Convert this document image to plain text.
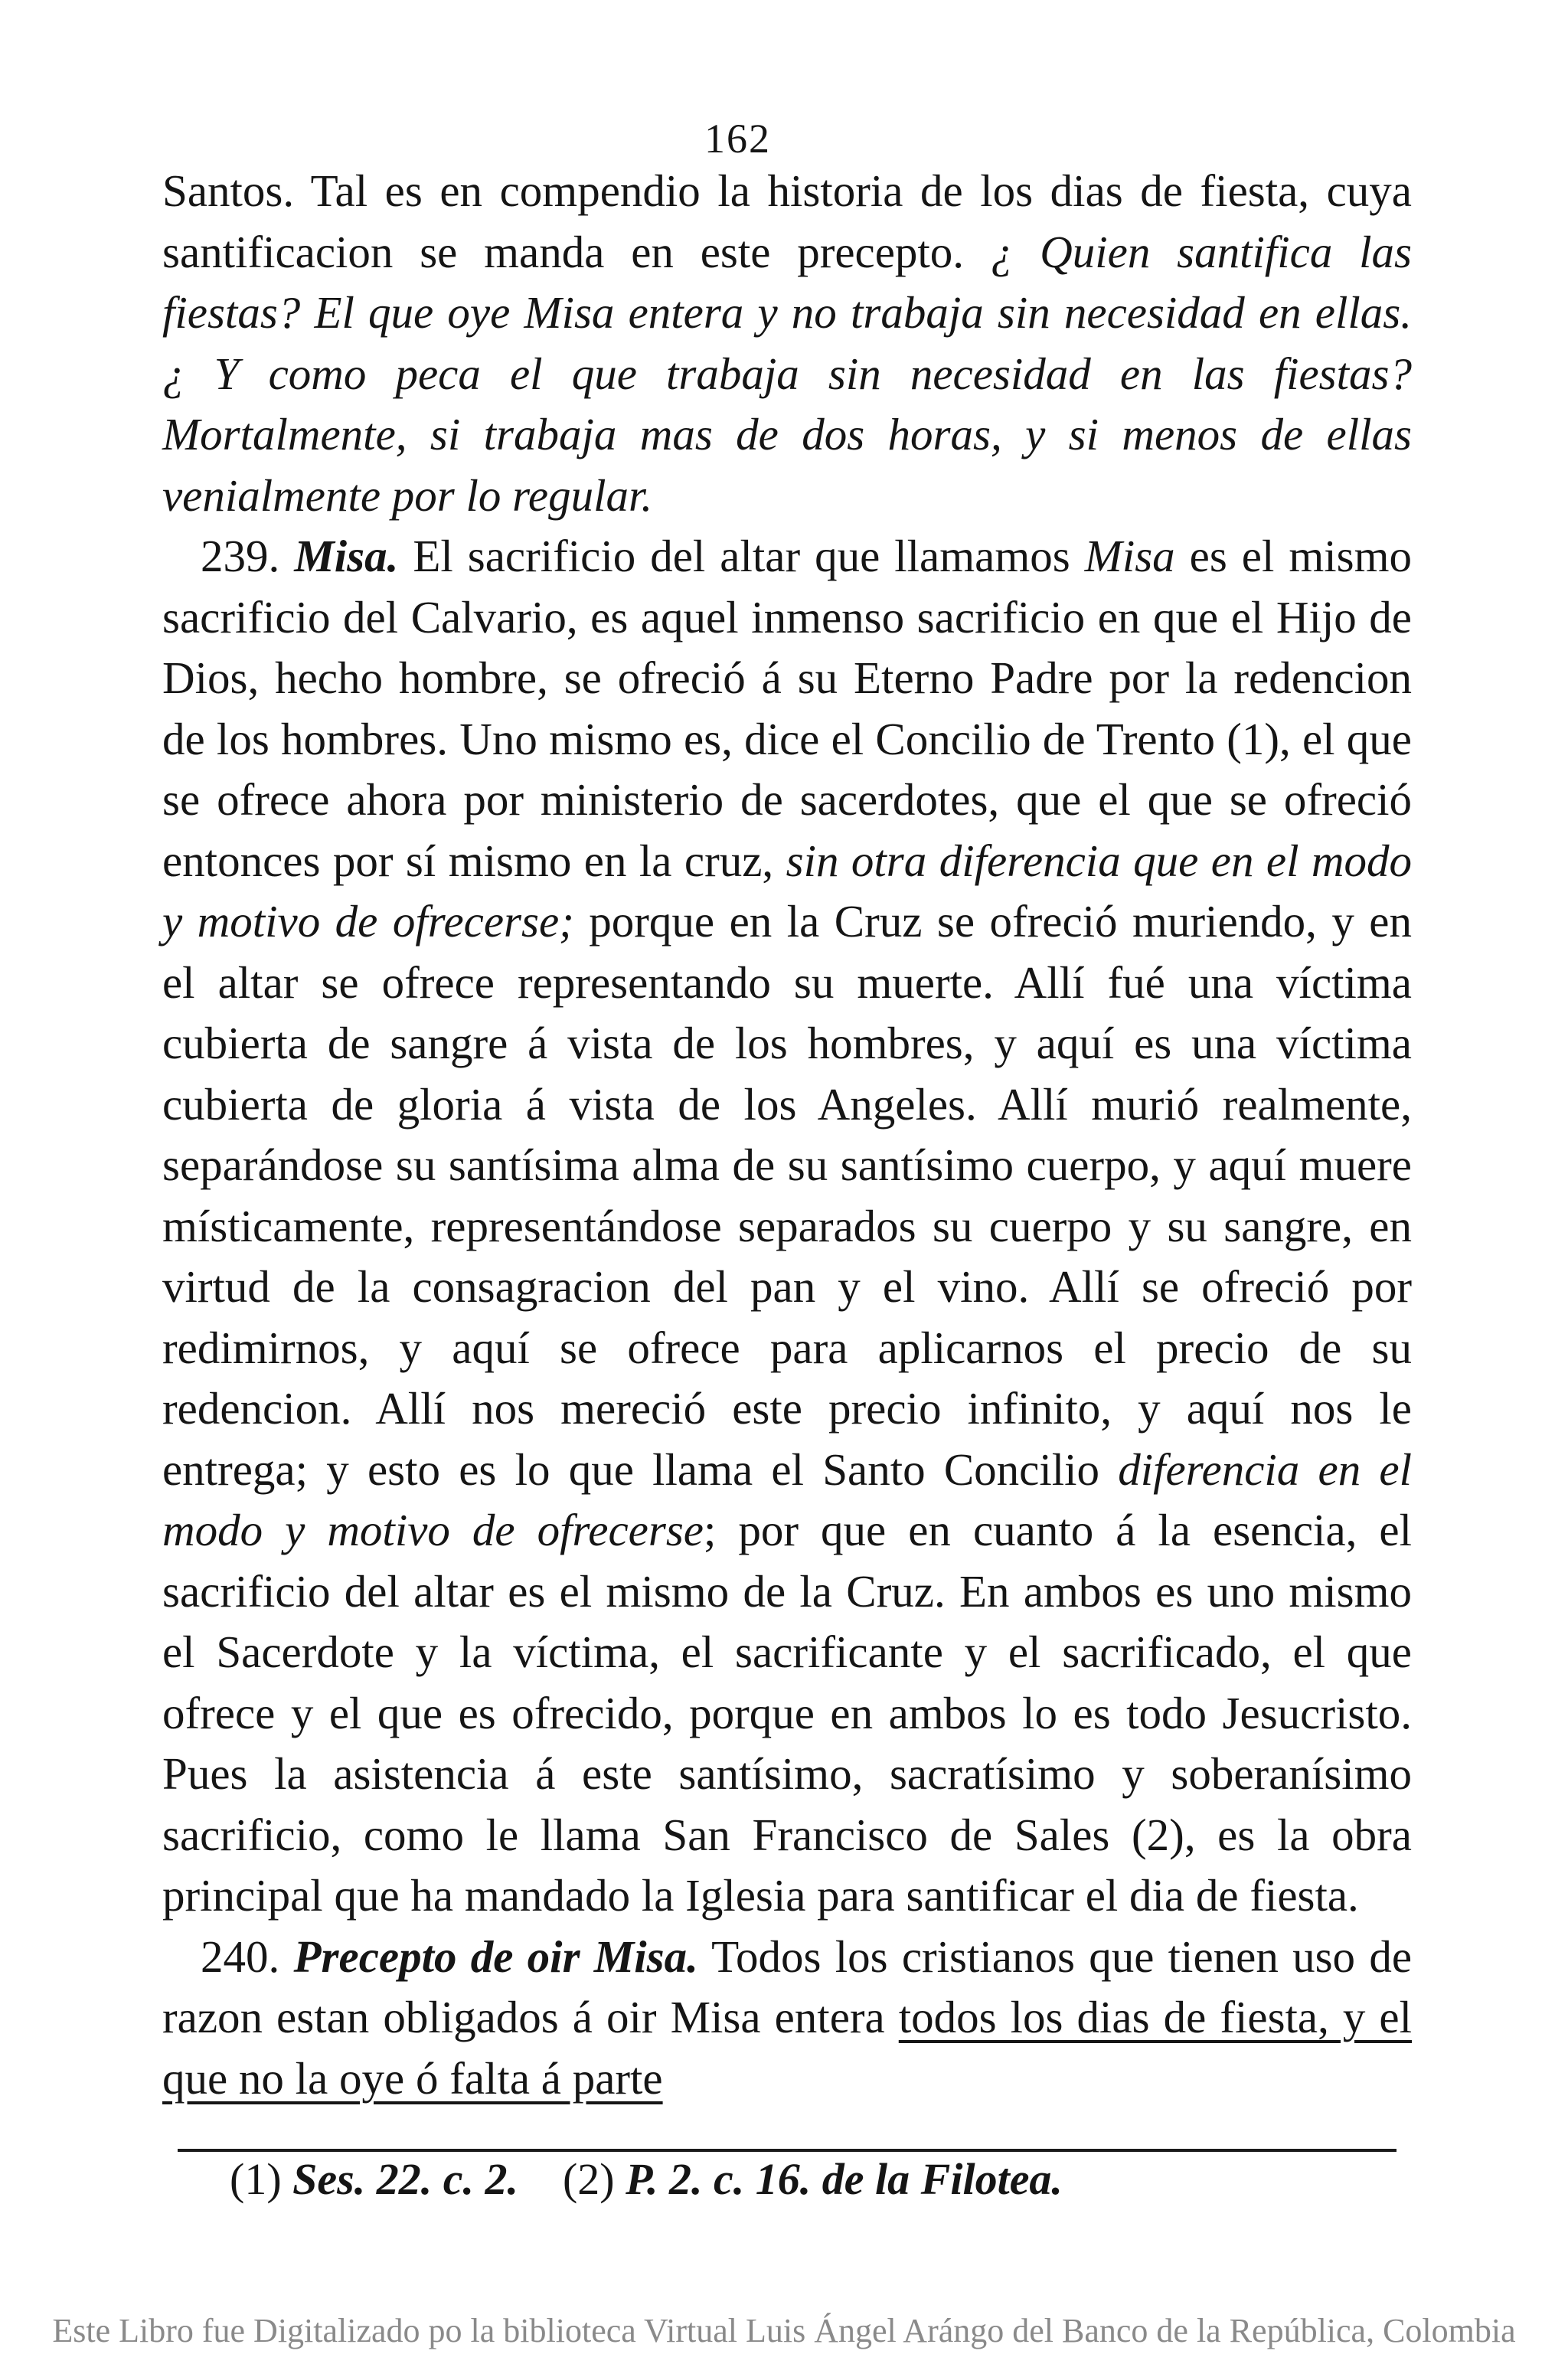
162

Santos. Tal es en compendio la historia de los dias de fiesta, cuya santificacion se manda en este precepto. ¿ Quien santifica las fiestas? El que oye Misa entera y no trabaja sin necesidad en ellas. ¿ Y como peca el que trabaja sin necesidad en las fiestas? Mortalmente, si trabaja mas de dos horas, y si menos de ellas venialmente por lo regular.

239. Misa. El sacrificio del altar que llamamos Misa es el mismo sacrificio del Calvario, es aquel inmenso sacrificio en que el Hijo de Dios, hecho hombre, se ofreció á su Eterno Padre por la redencion de los hombres. Uno mismo es, dice el Concilio de Trento (1), el que se ofrece ahora por ministerio de sacerdotes, que el que se ofreció entonces por sí mismo en la cruz, sin otra diferencia que en el modo y motivo de ofrecerse; porque en la Cruz se ofreció muriendo, y en el altar se ofrece representando su muerte. Allí fué una víctima cubierta de sangre á vista de los hombres, y aquí es una víctima cubierta de gloria á vista de los Angeles. Allí murió realmente, separándose su santísima alma de su santísimo cuerpo, y aquí muere místicamente, representándose separados su cuerpo y su sangre, en virtud de la consagracion del pan y el vino. Allí se ofreció por redimirnos, y aquí se ofrece para aplicarnos el precio de su redencion. Allí nos mereció este precio infinito, y aquí nos le entrega; y esto es lo que llama el Santo Concilio diferencia en el modo y motivo de ofrecerse; por que en cuanto á la esencia, el sacrificio del altar es el mismo de la Cruz. En ambos es uno mismo el Sacerdote y la víctima, el sacrificante y el sacrificado, el que ofrece y el que es ofrecido, porque en ambos lo es todo Jesucristo. Pues la asistencia á este santísimo, sacratísimo y soberanísimo sacrificio, como le llama San Francisco de Sales (2), es la obra principal que ha mandado la Iglesia para santificar el dia de fiesta.

240. Precepto de oir Misa. Todos los cristianos que tienen uso de razon estan obligados á oir Misa entera todos los dias de fiesta, y el que no la oye ó falta á parte

(1) Ses. 22. c. 2. (2) P. 2. c. 16. de la Filotea.
Este Libro fue Digitalizado po la biblioteca Virtual Luis Ángel Arángo del Banco de la República, Colombia
